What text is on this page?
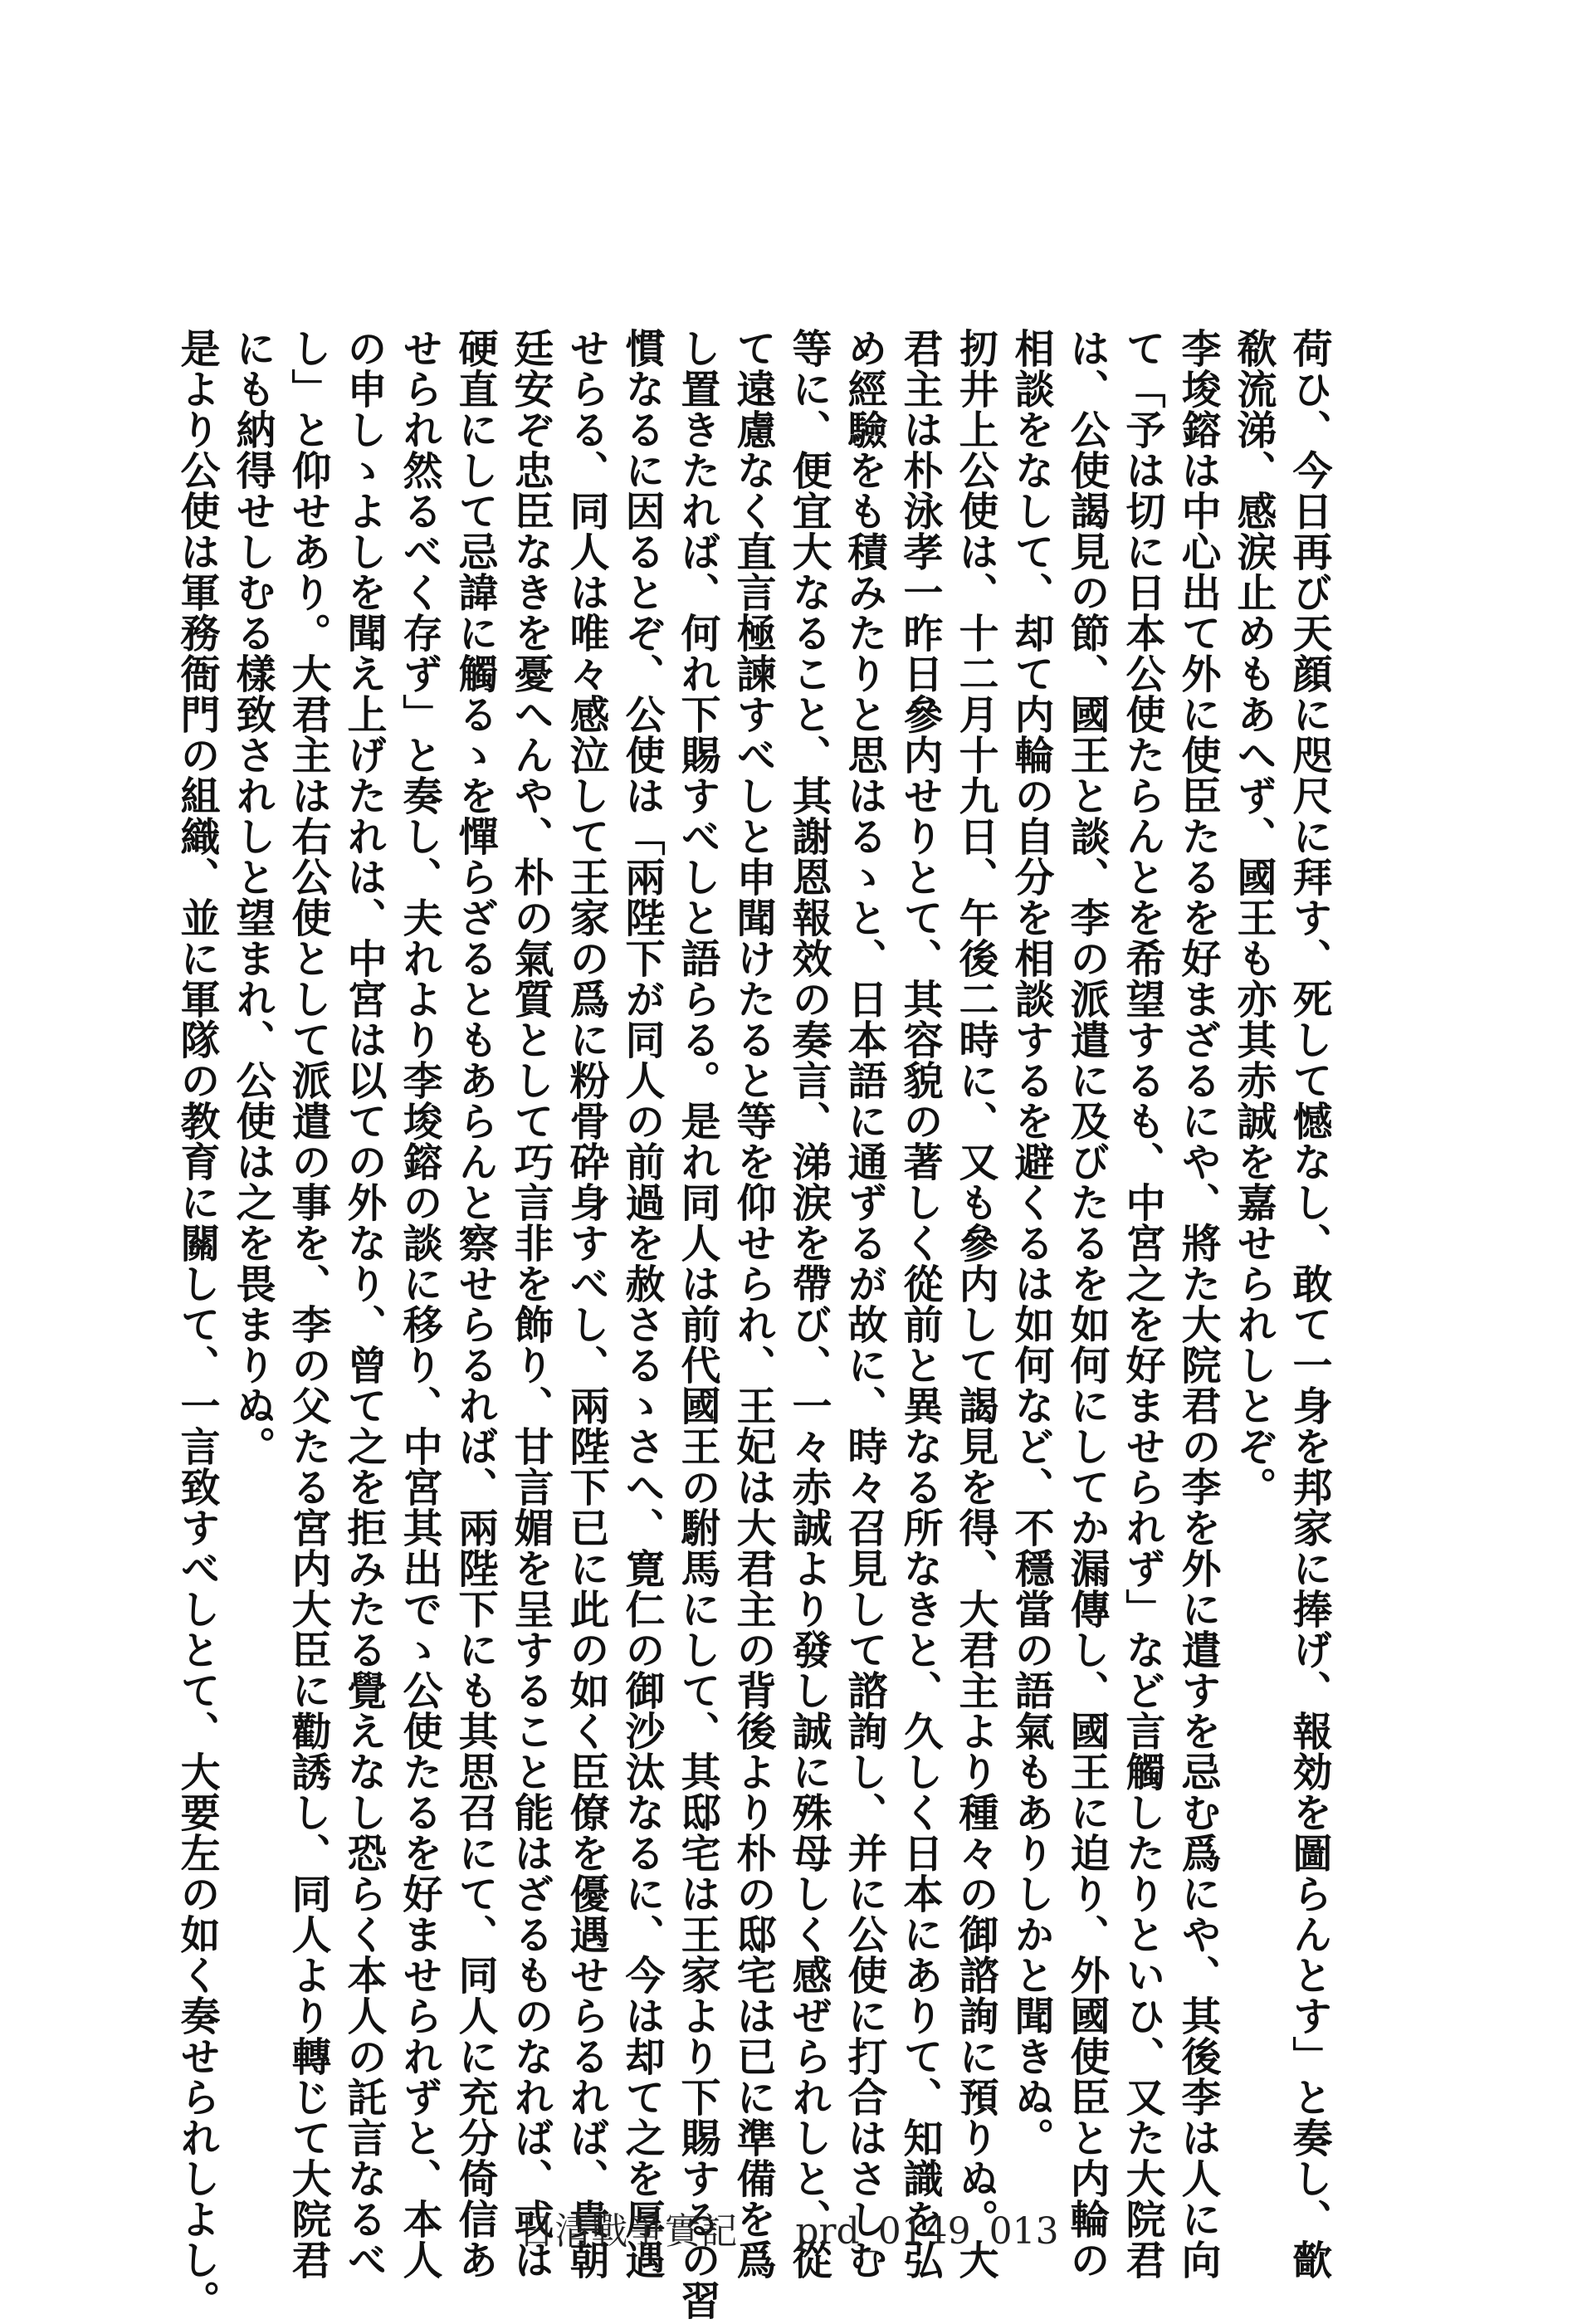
荷ひ、今日再び天顔に咫尺に拜す、死して憾なし、敢て一身を邦家に捧げ、報効を圖らんとす」と奏し、㱇

欷流涕、感涙止めもあへず、國王も亦其赤誠を嘉せられしとぞ。

李埈鎔は中心出て外に使臣たるを好まざるにや、將た大院君の李を外に遣すを忌む爲にや、其後李は人に向

て「予は切に日本公使たらんとを希望するも、中宮之を好ませられず」など言觸したりといひ、又た大院君

は、公使謁見の節、國王と談、李の派遣に及びたるを如何にしてか漏傳し、國王に迫り、外國使臣と内輪の

相談をなして、却て内輪の自分を相談するを避くるは如何など、不穩當の語氣もありしかと聞きぬ。

扨井上公使は、十二月十九日、午後二時に、又も參内して謁見を得、大君主より種々の御諮詢に預りぬ。大

君主は朴泳孝一昨日參内せりとて、其容貌の著しく從前と異なる所なきと、久しく日本にありて、知識を弘

め經驗をも積みたりと思はるゝと、日本語に通ずるが故に、時々召見して諮詢し、并に公使に打合はさしむ

等に、便宜大なること、其謝恩報效の奏言、涕涙を帶び、一々赤誠より發し誠に殊母しく感ぜられしと、從

て遠慮なく直言極諫すべしと申聞けたると等を仰せられ、王妃は大君主の背後より朴の邸宅は已に準備を爲

し置きたれば、何れ下賜すべしと語らる。是れ同人は前代國王の駙馬にして、其邸宅は王家より下賜するの習

慣なるに因るとぞ、公使は「兩陛下が同人の前過を赦さるゝさへ、寛仁の御沙汰なるに、今は却て之を厚遇

せらる、同人は唯々感泣して王家の爲に粉骨砕身すべし、兩陛下已に此の如く臣僚を優遇せらるれば、貴朝

廷安ぞ忠臣なきを憂へんや、朴の氣質として巧言非を飾り、甘言媚を呈すること能はざるものなれば、或は

硬直にして忌諱に觸るゝを憚らざるともあらんと察せらるれば、兩陛下にも其思召にて、同人に充分倚信あ

せられ然るべく存ず」と奏し、夫れより李埈鎔の談に移り、中宮其出でゝ公使たるを好ませられずと、本人

の申しゝよしを聞え上げたれは、中宮は以ての外なり、曾て之を拒みたる覺えなし恐らく本人の託言なるべ

し」と仰せあり。大君主は右公使として派遣の事を、李の父たる宮内大臣に勸誘し、同人より轉じて大院君

にも納得せしむる樣致されしと望まれ、公使は之を畏まりぬ。

是より公使は軍務衙門の組織、並に軍隊の教育に關して、一言致すべしとて、大要左の如く奏せられしよし。	日清戰爭實記 prd_0149_013
